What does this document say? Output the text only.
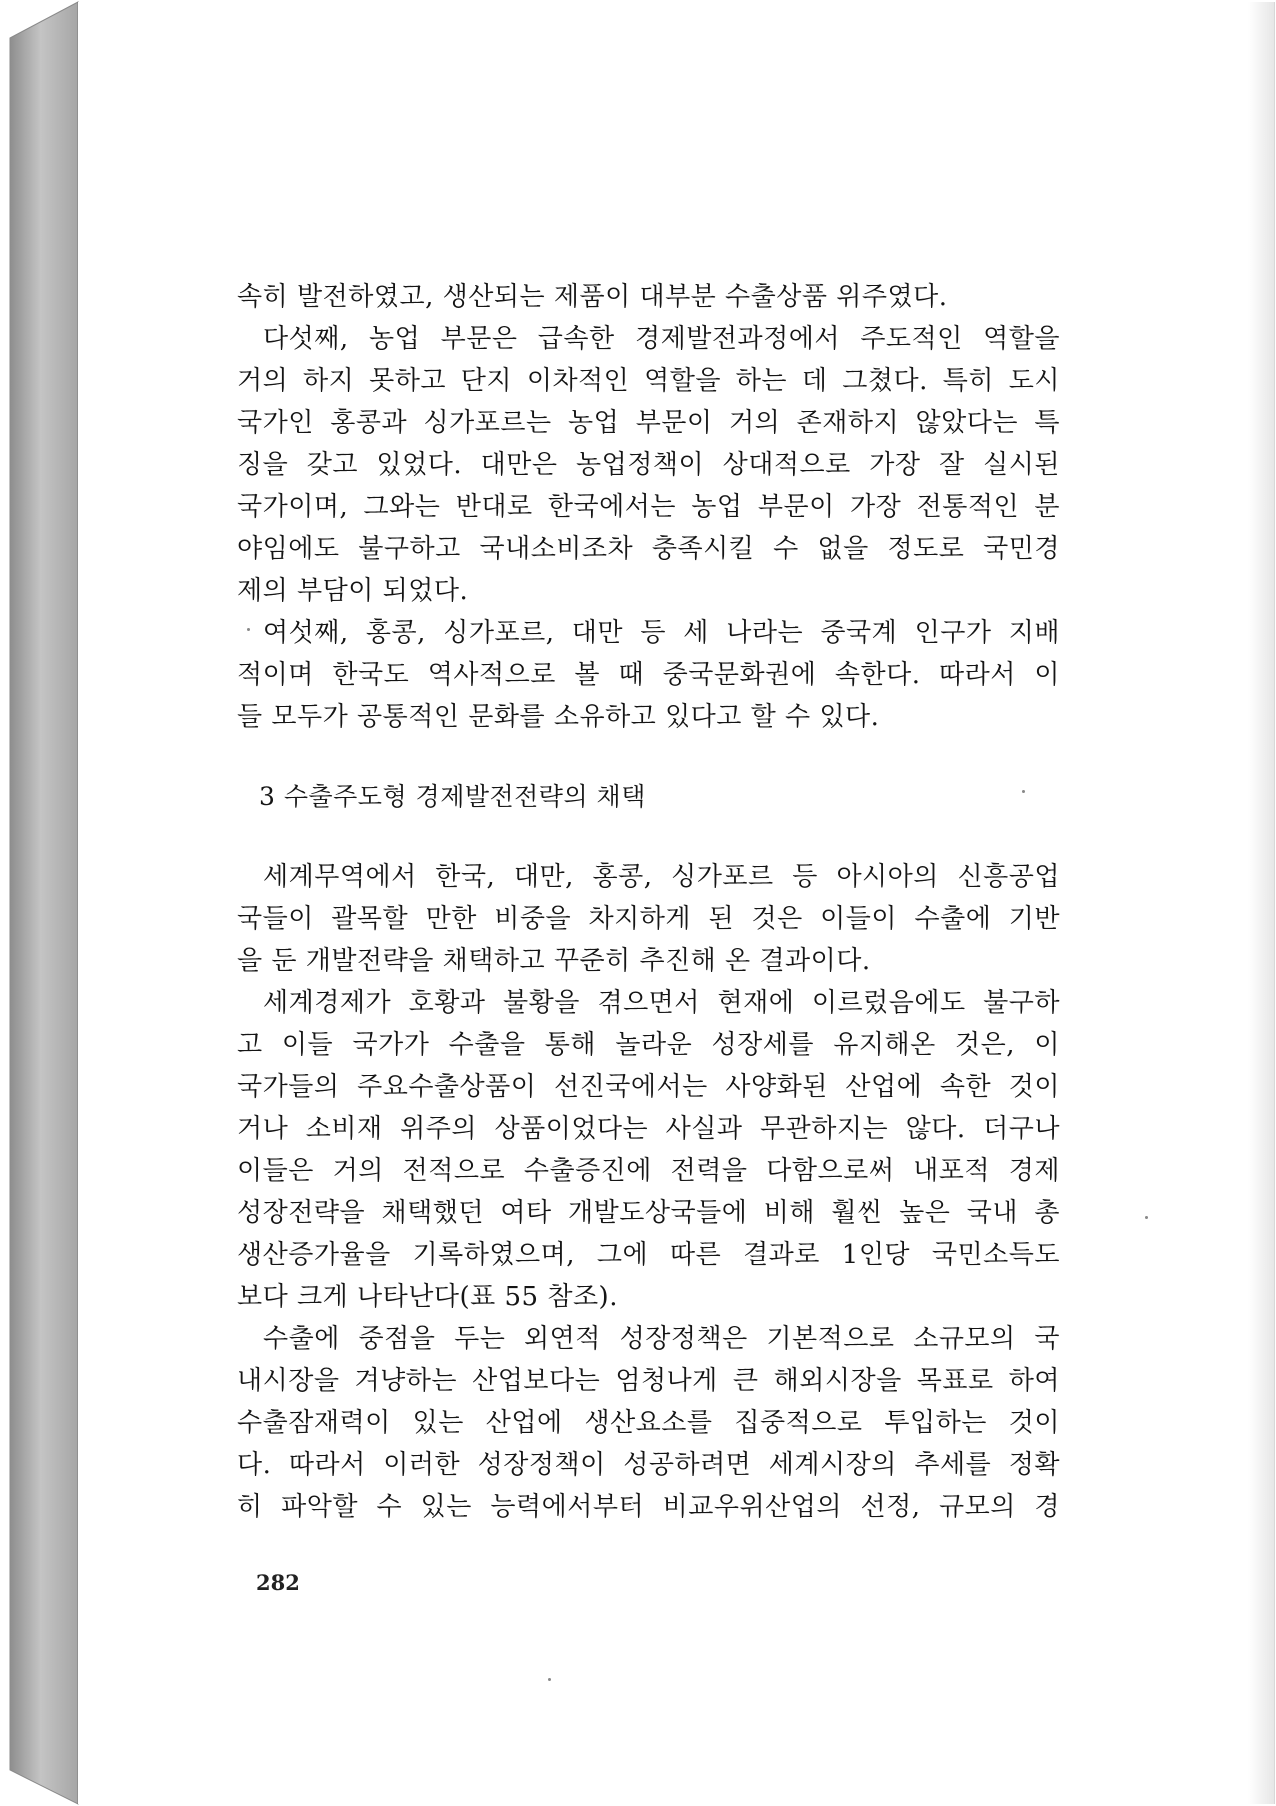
속히 발전하였고, 생산되는 제품이 대부분 수출상품 위주였다.
다섯째, 농업 부문은 급속한 경제발전과정에서 주도적인 역할을
거의 하지 못하고 단지 이차적인 역할을 하는 데 그쳤다. 특히 도시
국가인 홍콩과 싱가포르는 농업 부문이 거의 존재하지 않았다는 특
징을 갖고 있었다. 대만은 농업정책이 상대적으로 가장 잘 실시된
국가이며, 그와는 반대로 한국에서는 농업 부문이 가장 전통적인 분
야임에도 불구하고 국내소비조차 충족시킬 수 없을 정도로 국민경
제의 부담이 되었다.
여섯째, 홍콩, 싱가포르, 대만 등 세 나라는 중국계 인구가 지배
적이며 한국도 역사적으로 볼 때 중국문화권에 속한다. 따라서 이
들 모두가 공통적인 문화를 소유하고 있다고 할 수 있다.
3 수출주도형 경제발전전략의 채택
세계무역에서 한국, 대만, 홍콩, 싱가포르 등 아시아의 신흥공업
국들이 괄목할 만한 비중을 차지하게 된 것은 이들이 수출에 기반
을 둔 개발전략을 채택하고 꾸준히 추진해 온 결과이다.
세계경제가 호황과 불황을 겪으면서 현재에 이르렀음에도 불구하
고 이들 국가가 수출을 통해 놀라운 성장세를 유지해온 것은, 이
국가들의 주요수출상품이 선진국에서는 사양화된 산업에 속한 것이
거나 소비재 위주의 상품이었다는 사실과 무관하지는 않다. 더구나
이들은 거의 전적으로 수출증진에 전력을 다함으로써 내포적 경제
성장전략을 채택했던 여타 개발도상국들에 비해 훨씬 높은 국내 총
생산증가율을 기록하였으며, 그에 따른 결과로 1인당 국민소득도
보다 크게 나타난다(표 55 참조).
수출에 중점을 두는 외연적 성장정책은 기본적으로 소규모의 국
내시장을 겨냥하는 산업보다는 엄청나게 큰 해외시장을 목표로 하여
수출잠재력이 있는 산업에 생산요소를 집중적으로 투입하는 것이
다. 따라서 이러한 성장정책이 성공하려면 세계시장의 추세를 정확
히 파악할 수 있는 능력에서부터 비교우위산업의 선정, 규모의 경
282
